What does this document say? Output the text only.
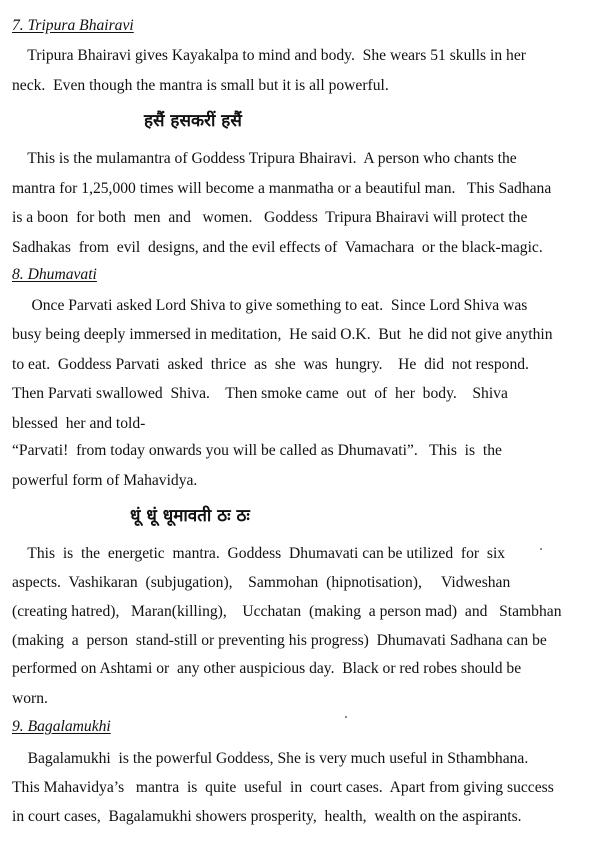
7. Tripura Bhairavi
Tripura Bhairavi gives Kayakalpa to mind and body.  She wears 51 skulls in her
neck.  Even though the mantra is small but it is all powerful.
हसैं हसकरीं हसैं
This is the mulamantra of Goddess Tripura Bhairavi.  A person who chants the
mantra for 1,25,000 times will become a manmatha or a beautiful man.   This Sadhana
is a boon  for both  men  and   women.   Goddess  Tripura Bhairavi will protect the
Sadhakas  from  evil  designs, and the evil effects of  Vamachara  or the black-magic.
8. Dhumavati
Once Parvati asked Lord Shiva to give something to eat.  Since Lord Shiva was
busy being deeply immersed in meditation,  He said O.K.  But  he did not give anythin
to eat.  Goddess Parvati  asked  thrice  as  she  was  hungry.    He  did  not respond.
Then Parvati swallowed  Shiva.    Then smoke came  out  of  her  body.    Shiva
blessed  her and told-
“Parvati!  from today onwards you will be called as Dhumavati”.   This  is  the
powerful form of Mahavidya.
धूं धूं धूमावती ठः ठः
This  is  the  energetic  mantra.  Goddess  Dhumavati can be utilized  for  six
aspects.  Vashikaran  (subjugation),    Sammohan  (hipnotisation),     Vidweshan
(creating hatred),   Maran(killing),    Ucchatan  (making  a person mad)  and   Stambhan
(making  a  person  stand-still or preventing his progress)  Dhumavati Sadhana can be
performed on Ashtami or  any other auspicious day.  Black or red robes should be
worn.
9. Bagalamukhi
Bagalamukhi  is the powerful Goddess, She is very much useful in Sthambhana.
This Mahavidya’s   mantra  is  quite  useful  in  court cases.  Apart from giving success
in court cases,  Bagalamukhi showers prosperity,  health,  wealth on the aspirants.
